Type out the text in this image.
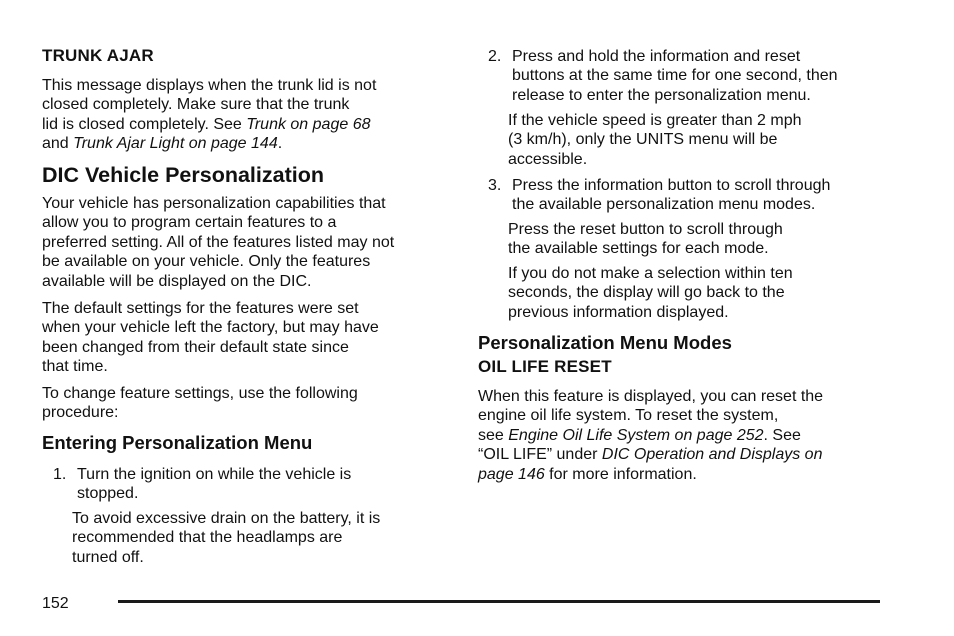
TRUNK AJAR
This message displays when the trunk lid is not
closed completely. Make sure that the trunk
lid is closed completely. See Trunk on page 68
and Trunk Ajar Light on page 144.
DIC Vehicle Personalization
Your vehicle has personalization capabilities that
allow you to program certain features to a
preferred setting. All of the features listed may not
be available on your vehicle. Only the features
available will be displayed on the DIC.
The default settings for the features were set
when your vehicle left the factory, but may have
been changed from their default state since
that time.
To change feature settings, use the following
procedure:
Entering Personalization Menu
1. Turn the ignition on while the vehicle is
stopped.
To avoid excessive drain on the battery, it is
recommended that the headlamps are
turned off.
2. Press and hold the information and reset
buttons at the same time for one second, then
release to enter the personalization menu.
If the vehicle speed is greater than 2 mph
(3 km/h), only the UNITS menu will be
accessible.
3. Press the information button to scroll through
the available personalization menu modes.
Press the reset button to scroll through
the available settings for each mode.
If you do not make a selection within ten
seconds, the display will go back to the
previous information displayed.
Personalization Menu Modes
OIL LIFE RESET
When this feature is displayed, you can reset the
engine oil life system. To reset the system,
see Engine Oil Life System on page 252. See
“OIL LIFE” under DIC Operation and Displays on
page 146 for more information.
152
